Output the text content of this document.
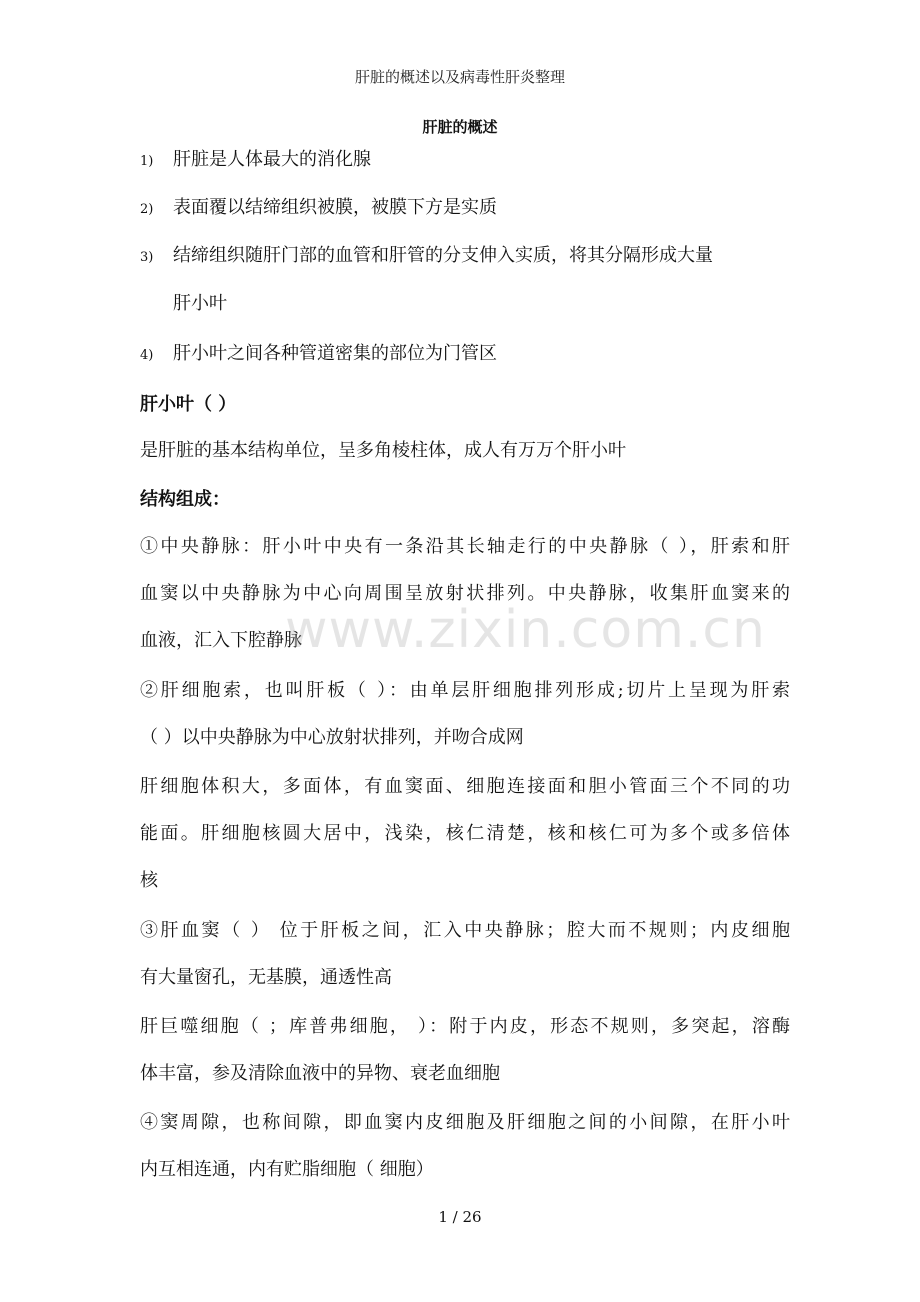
肝脏的概述以及病毒性肝炎整理
肝脏的概述
1) 肝脏是人体最大的消化腺
2) 表面覆以结缔组织被膜，被膜下方是实质
3) 结缔组织随肝门部的血管和肝管的分支伸入实质，将其分隔形成大量
肝小叶
4) 肝小叶之间各种管道密集的部位为门管区
肝小叶（ ）
是肝脏的基本结构单位，呈多角棱柱体，成人有万万个肝小叶
结构组成：
①中央静脉：肝小叶中央有一条沿其长轴走行的中央静脉（ ），肝索和肝
血窦以中央静脉为中心向周围呈放射状排列。中央静脉，收集肝血窦来的
血液，汇入下腔静脉
②肝细胞索，也叫肝板（ ）：由单层肝细胞排列形成;切片上呈现为肝索
（ ）以中央静脉为中心放射状排列，并吻合成网
肝细胞体积大，多面体，有血窦面、细胞连接面和胆小管面三个不同的功
能面。肝细胞核圆大居中，浅染，核仁清楚，核和核仁可为多个或多倍体
核
③肝血窦（ ） 位于肝板之间，汇入中央静脉；腔大而不规则；内皮细胞
有大量窗孔，无基膜，通透性高
肝巨噬细胞（ ；库普弗细胞， ）：附于内皮，形态不规则，多突起，溶酶
体丰富，参及清除血液中的异物、衰老血细胞
④窦周隙，也称间隙，即血窦内皮细胞及肝细胞之间的小间隙，在肝小叶
内互相连通，内有贮脂细胞（ 细胞）
www.zixin.com.cn
1 / 26
